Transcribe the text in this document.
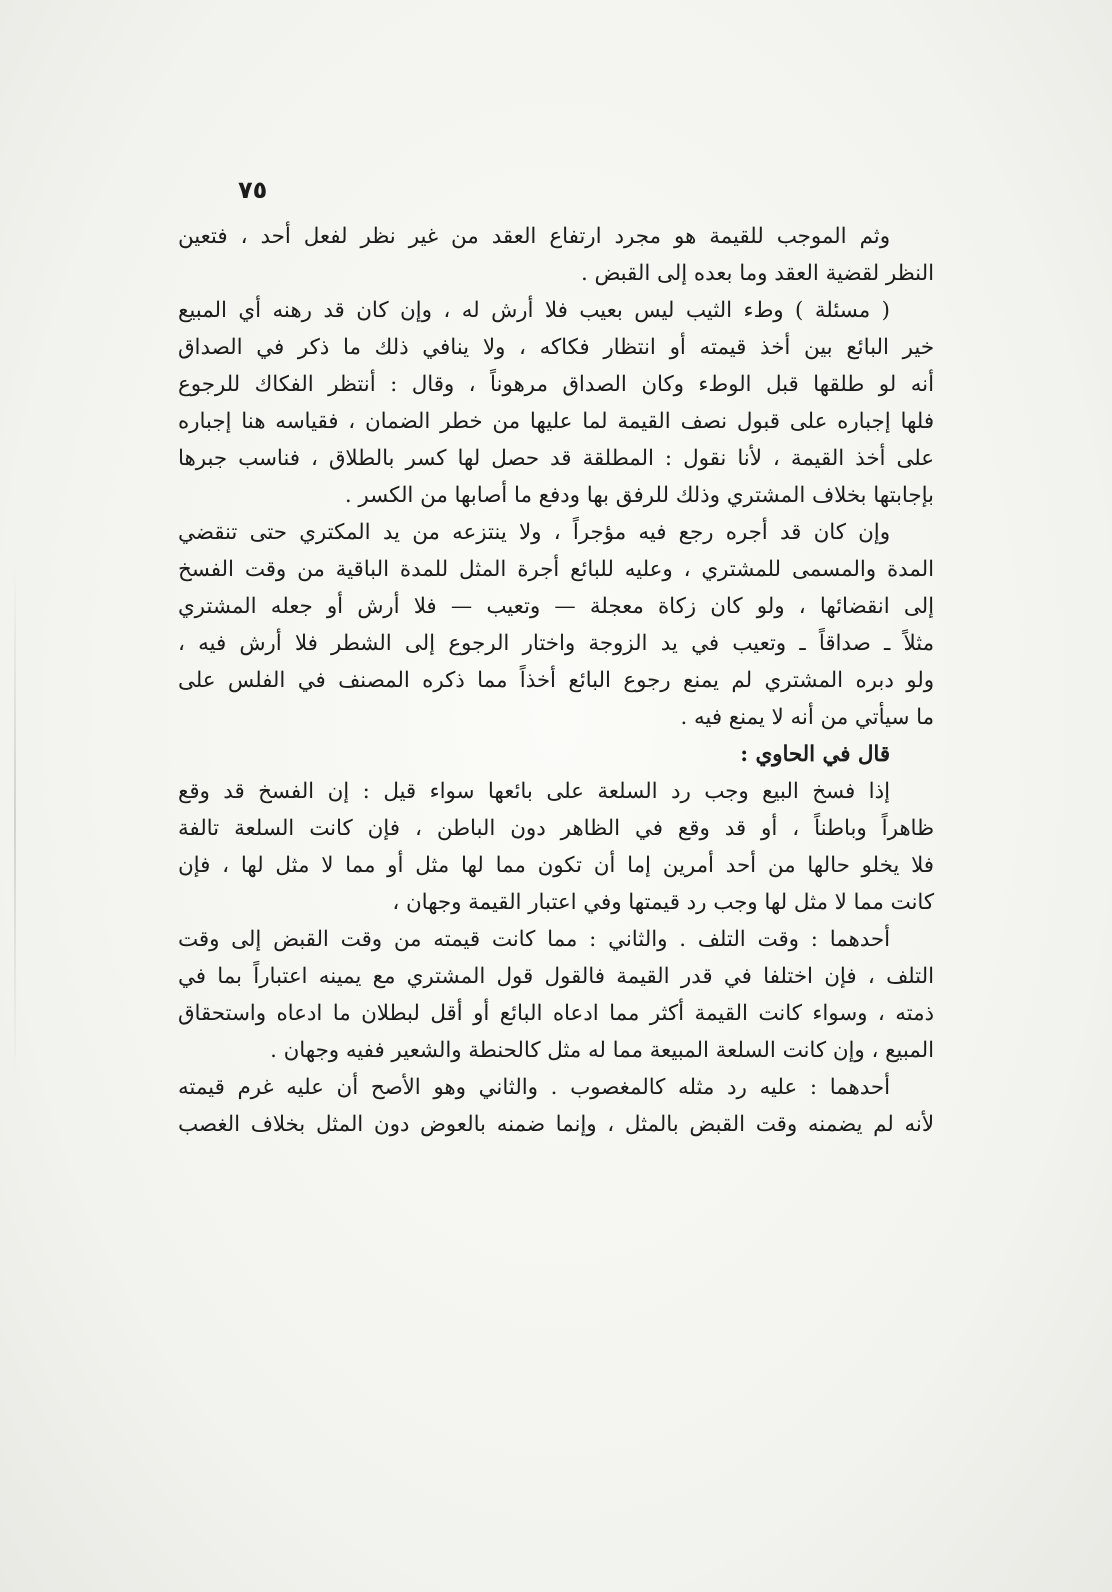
٧٥
وثم الموجب للقيمة هو مجرد ارتفاع العقد من غير نظر لفعل أحد ، فتعين
النظر لقضية العقد وما بعده إلى القبض .
( مسئلة ) وطء الثيب ليس بعيب فلا أرش له ، وإن كان قد رهنه أي المبيع
خير البائع بين أخذ قيمته أو انتظار فكاكه ، ولا ينافي ذلك ما ذكر في الصداق
أنه لو طلقها قبل الوطء وكان الصداق مرهوناً ، وقال : أنتظر الفكاك للرجوع
فلها إجباره على قبول نصف القيمة لما عليها من خطر الضمان ، فقياسه هنا إجباره
على أخذ القيمة ، لأنا نقول : المطلقة قد حصل لها كسر بالطلاق ، فناسب جبرها
بإجابتها بخلاف المشتري وذلك للرفق بها ودفع ما أصابها من الكسر .
وإن كان قد أجره رجع فيه مؤجراً ، ولا ينتزعه من يد المكتري حتى تنقضي
المدة والمسمى للمشتري ، وعليه للبائع أجرة المثل للمدة الباقية من وقت الفسخ
إلى انقضائها ، ولو كان زكاة معجلة — وتعيب — فلا أرش أو جعله المشتري
مثلاً ـ صداقاً ـ وتعيب في يد الزوجة واختار الرجوع إلى الشطر فلا أرش فيه ،
ولو دبره المشتري لم يمنع رجوع البائع أخذاً مما ذكره المصنف في الفلس على
ما سيأتي من أنه لا يمنع فيه .
قال في الحاوي :
إذا فسخ البيع وجب رد السلعة على بائعها سواء قيل : إن الفسخ قد وقع
ظاهراً وباطناً ، أو قد وقع في الظاهر دون الباطن ، فإن كانت السلعة تالفة
فلا يخلو حالها من أحد أمرين إما أن تكون مما لها مثل أو مما لا مثل لها ، فإن
كانت مما لا مثل لها وجب رد قيمتها وفي اعتبار القيمة وجهان ،
أحدهما : وقت التلف . والثاني : مما كانت قيمته من وقت القبض إلى وقت
التلف ، فإن اختلفا في قدر القيمة فالقول قول المشتري مع يمينه اعتباراً بما في
ذمته ، وسواء كانت القيمة أكثر مما ادعاه البائع أو أقل لبطلان ما ادعاه واستحقاق
المبيع ، وإن كانت السلعة المبيعة مما له مثل كالحنطة والشعير ففيه وجهان .
أحدهما : عليه رد مثله كالمغصوب . والثاني وهو الأصح أن عليه غرم قيمته
لأنه لم يضمنه وقت القبض بالمثل ، وإنما ضمنه بالعوض دون المثل بخلاف الغصب
